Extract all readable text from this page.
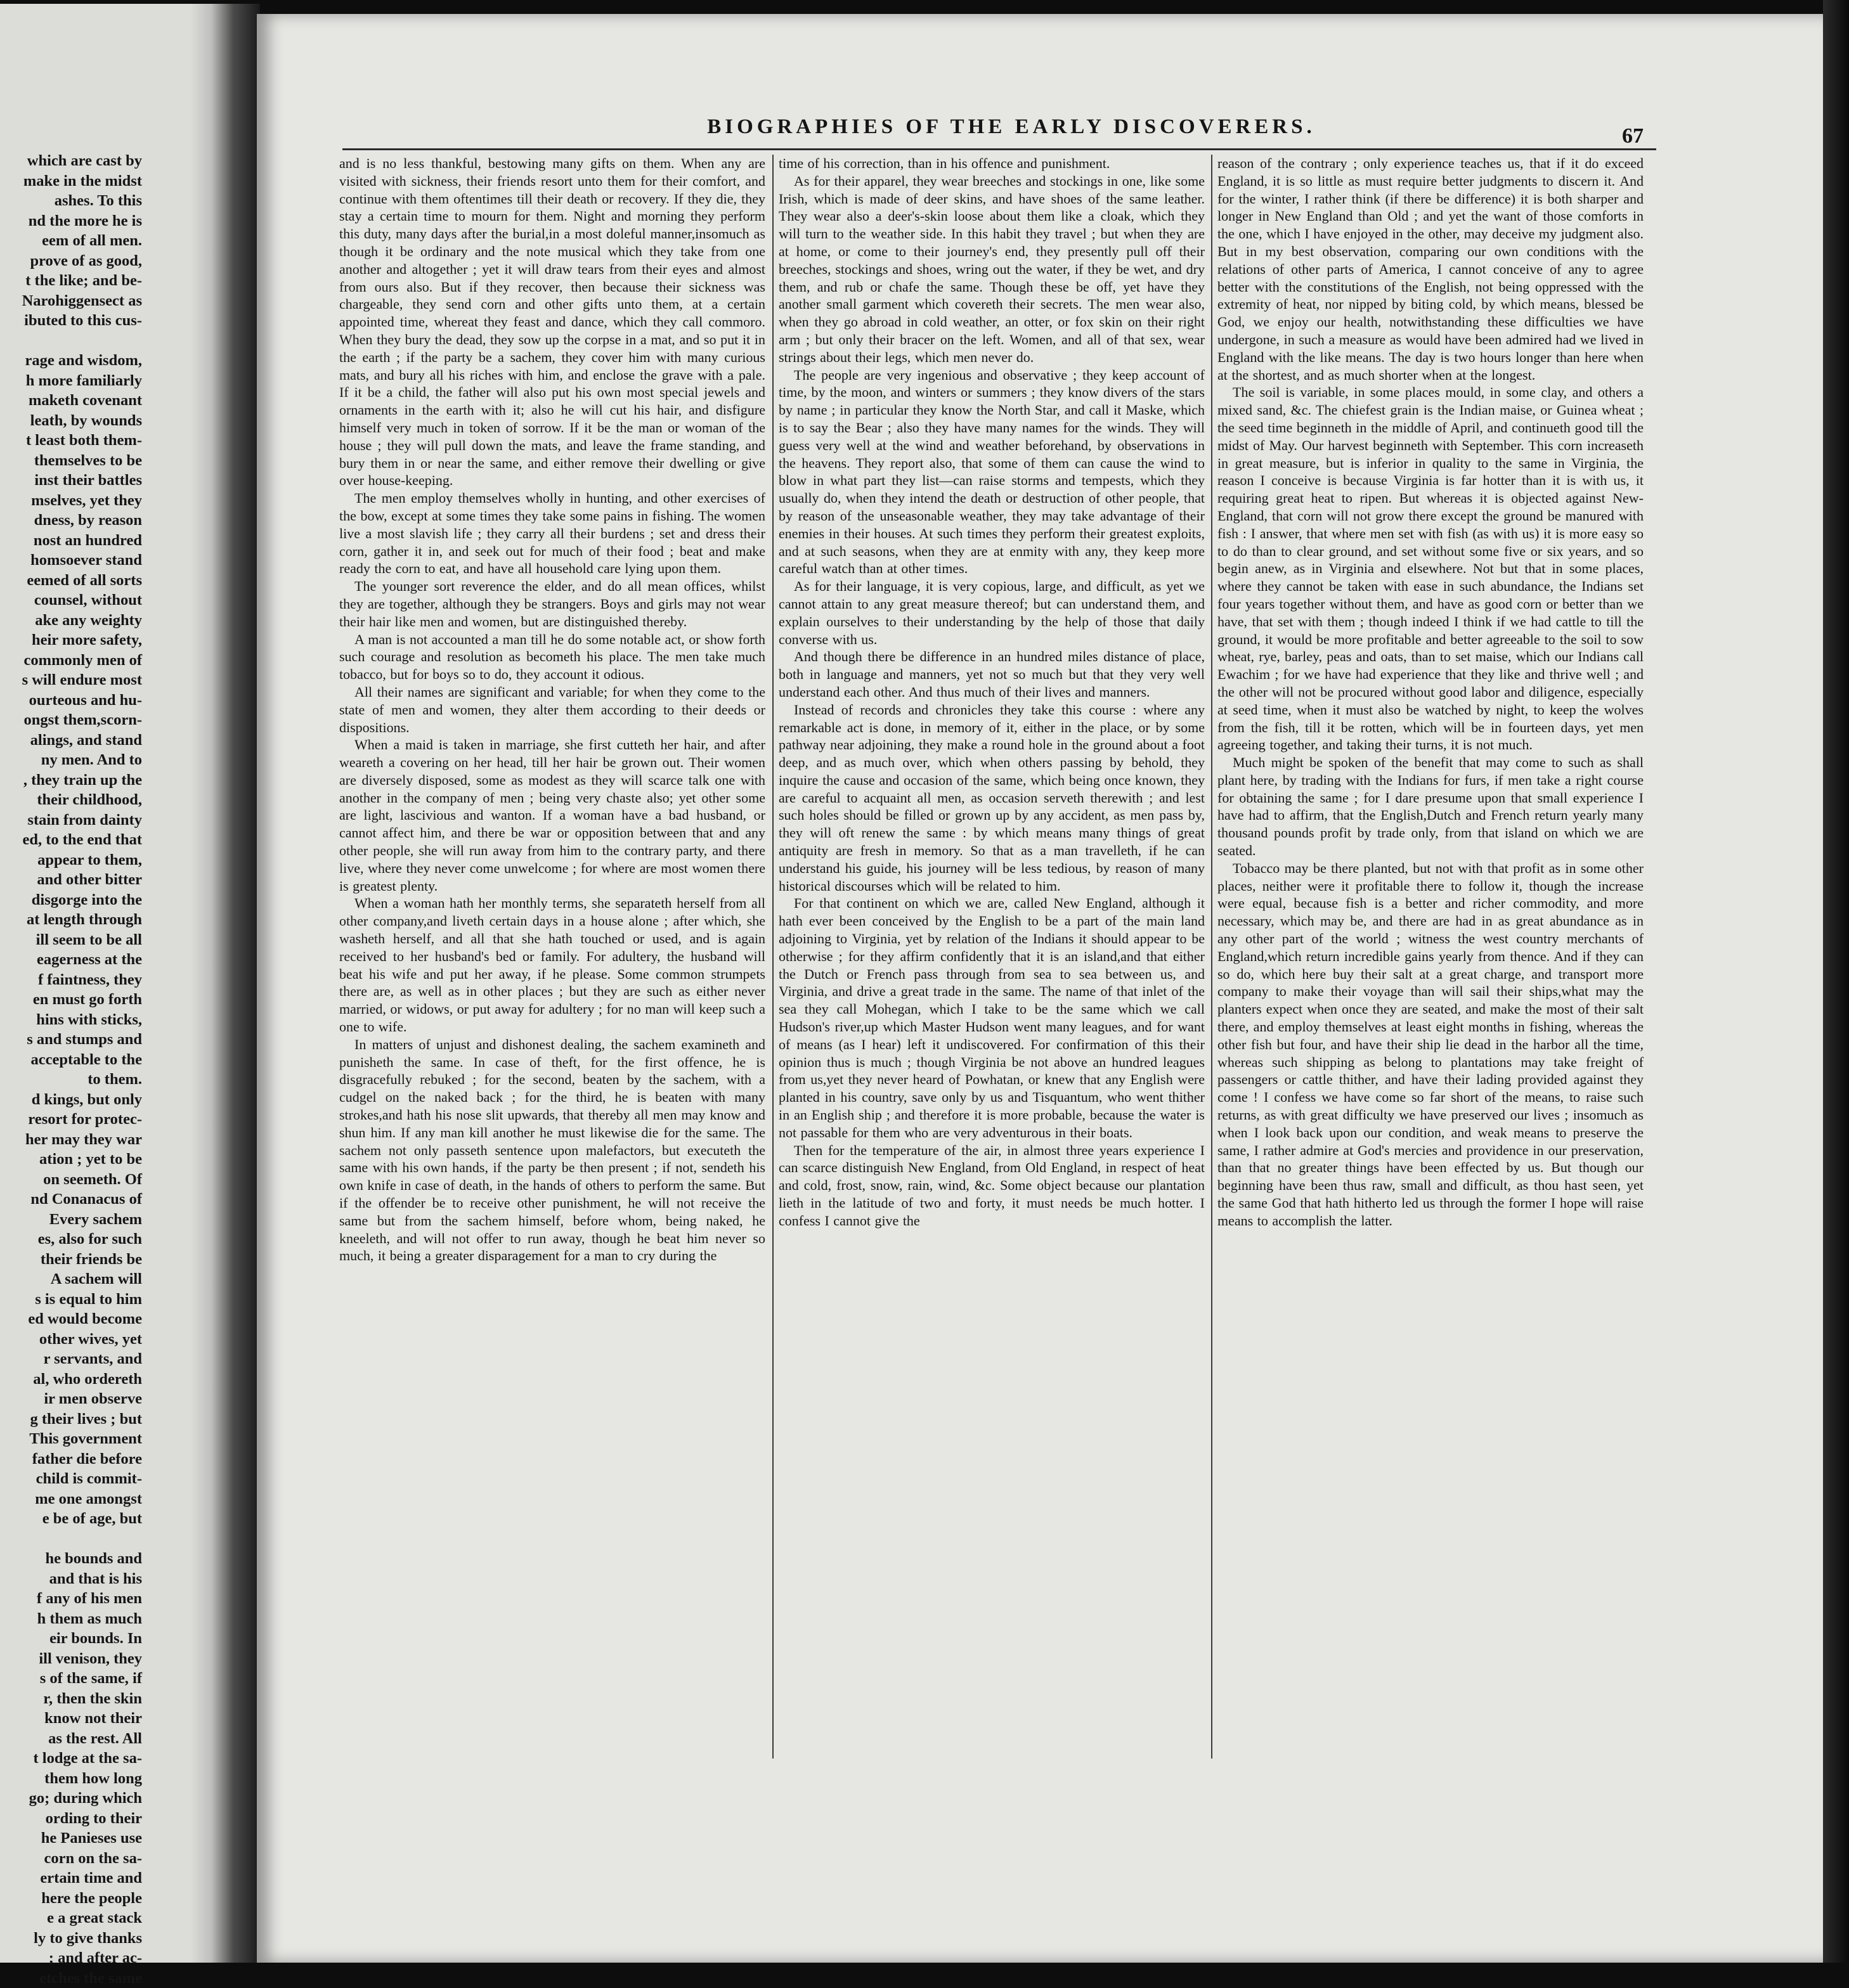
which are cast by
make in the midst
ashes. To this
nd the more he is
eem of all men.
prove of as good,
t the like; and be-
Narohiggensect as
ibuted to this cus-
rage and wisdom,
h more familiarly
maketh covenant
leath, by wounds
t least both them-
themselves to be
inst their battles
mselves, yet they
dness, by reason
nost an hundred
homsoever stand
eemed of all sorts
counsel, without
ake any weighty
heir more safety,
commonly men of
s will endure most
ourteous and hu-
ongst them,scorn-
alings, and stand
ny men. And to
, they train up the
their childhood,
stain from dainty
ed, to the end that
appear to them,
and other bitter
disgorge into the
at length through
ill seem to be all
eagerness at the
f faintness, they
en must go forth
hins with sticks,
s and stumps and
acceptable to the
to them.
d kings, but only
resort for protec-
her may they war
ation ; yet to be
on seemeth. Of
nd Conanacus of
Every sachem
es, also for such
their friends be
A sachem will
s is equal to him
ed would become
other wives, yet
r servants, and
al, who ordereth
ir men observe
g their lives ; but
This government
father die before
child is commit-
me one amongst
e be of age, but
he bounds and
and that is his
f any of his men
h them as much
eir bounds. In
ill venison, they
s of the same, if
r, then the skin
know not their
as the rest. All
t lodge at the sa-
them how long
go; during which
ording to their
he Panieses use
corn on the sa-
ertain time and
here the people
e a great stack
ly to give thanks
; and after ac-
etches the same
BIOGRAPHIES OF THE EARLY DISCOVERERS.	67

and is no less thankful, bestowing many gifts on them. When any are visited with sickness, their friends resort unto them for their comfort, and continue with them oftentimes till their death or recovery. If they die, they stay a certain time to mourn for them. Night and morning they perform this duty, many days after the burial,in a most doleful manner,insomuch as though it be ordinary and the note musical which they take from one another and altogether ; yet it will draw tears from their eyes and almost from ours also. But if they recover, then because their sickness was chargeable, they send corn and other gifts unto them, at a certain appointed time, whereat they feast and dance, which they call commoro. When they bury the dead, they sow up the corpse in a mat, and so put it in the earth ; if the party be a sachem, they cover him with many curious mats, and bury all his riches with him, and enclose the grave with a pale. If it be a child, the father will also put his own most special jewels and ornaments in the earth with it; also he will cut his hair, and disfigure himself very much in token of sorrow. If it be the man or woman of the house ; they will pull down the mats, and leave the frame standing, and bury them in or near the same, and either remove their dwelling or give over house-keeping.

The men employ themselves wholly in hunting, and other exercises of the bow, except at some times they take some pains in fishing. The women live a most slavish life ; they carry all their burdens ; set and dress their corn, gather it in, and seek out for much of their food ; beat and make ready the corn to eat, and have all household care lying upon them.

The younger sort reverence the elder, and do all mean offices, whilst they are together, although they be strangers. Boys and girls may not wear their hair like men and women, but are distinguished thereby.

A man is not accounted a man till he do some notable act, or show forth such courage and resolution as becometh his place. The men take much tobacco, but for boys so to do, they account it odious.

All their names are significant and variable; for when they come to the state of men and women, they alter them according to their deeds or dispositions.

When a maid is taken in marriage, she first cutteth her hair, and after weareth a covering on her head, till her hair be grown out. Their women are diversely disposed, some as modest as they will scarce talk one with another in the company of men ; being very chaste also; yet other some are light, lascivious and wanton. If a woman have a bad husband, or cannot affect him, and there be war or opposition between that and any other people, she will run away from him to the contrary party, and there live, where they never come unwelcome ; for where are most women there is greatest plenty.

When a woman hath her monthly terms, she separateth herself from all other company,and liveth certain days in a house alone ; after which, she washeth herself, and all that she hath touched or used, and is again received to her husband's bed or family. For adultery, the husband will beat his wife and put her away, if he please. Some common strumpets there are, as well as in other places ; but they are such as either never married, or widows, or put away for adultery ; for no man will keep such a one to wife.

In matters of unjust and dishonest dealing, the sachem examineth and punisheth the same. In case of theft, for the first offence, he is disgracefully rebuked ; for the second, beaten by the sachem, with a cudgel on the naked back ; for the third, he is beaten with many strokes,and hath his nose slit upwards, that thereby all men may know and shun him. If any man kill another he must likewise die for the same. The sachem not only passeth sentence upon malefactors, but executeth the same with his own hands, if the party be then present ; if not, sendeth his own knife in case of death, in the hands of others to perform the same. But if the offender be to receive other punishment, he will not receive the same but from the sachem himself, before whom, being naked, he kneeleth, and will not offer to run away, though he beat him never so much, it being a greater disparagement for a man to cry during the

time of his correction, than in his offence and punishment.

As for their apparel, they wear breeches and stockings in one, like some Irish, which is made of deer skins, and have shoes of the same leather. They wear also a deer's-skin loose about them like a cloak, which they will turn to the weather side. In this habit they travel ; but when they are at home, or come to their journey's end, they presently pull off their breeches, stockings and shoes, wring out the water, if they be wet, and dry them, and rub or chafe the same. Though these be off, yet have they another small garment which covereth their secrets. The men wear also, when they go abroad in cold weather, an otter, or fox skin on their right arm ; but only their bracer on the left. Women, and all of that sex, wear strings about their legs, which men never do.

The people are very ingenious and observative ; they keep account of time, by the moon, and winters or summers ; they know divers of the stars by name ; in particular they know the North Star, and call it Maske, which is to say the Bear ; also they have many names for the winds. They will guess very well at the wind and weather beforehand, by observations in the heavens. They report also, that some of them can cause the wind to blow in what part they list—can raise storms and tempests, which they usually do, when they intend the death or destruction of other people, that by reason of the unseasonable weather, they may take advantage of their enemies in their houses. At such times they perform their greatest exploits, and at such seasons, when they are at enmity with any, they keep more careful watch than at other times.

As for their language, it is very copious, large, and difficult, as yet we cannot attain to any great measure thereof; but can understand them, and explain ourselves to their understanding by the help of those that daily converse with us.

And though there be difference in an hundred miles distance of place, both in language and manners, yet not so much but that they very well understand each other. And thus much of their lives and manners.

Instead of records and chronicles they take this course : where any remarkable act is done, in memory of it, either in the place, or by some pathway near adjoining, they make a round hole in the ground about a foot deep, and as much over, which when others passing by behold, they inquire the cause and occasion of the same, which being once known, they are careful to acquaint all men, as occasion serveth therewith ; and lest such holes should be filled or grown up by any accident, as men pass by, they will oft renew the same : by which means many things of great antiquity are fresh in memory. So that as a man travelleth, if he can understand his guide, his journey will be less tedious, by reason of many historical discourses which will be related to him.

For that continent on which we are, called New England, although it hath ever been conceived by the English to be a part of the main land adjoining to Virginia, yet by relation of the Indians it should appear to be otherwise ; for they affirm confidently that it is an island,and that either the Dutch or French pass through from sea to sea between us, and Virginia, and drive a great trade in the same. The name of that inlet of the sea they call Mohegan, which I take to be the same which we call Hudson's river,up which Master Hudson went many leagues, and for want of means (as I hear) left it undiscovered. For confirmation of this their opinion thus is much ; though Virginia be not above an hundred leagues from us,yet they never heard of Powhatan, or knew that any English were planted in his country, save only by us and Tisquantum, who went thither in an English ship ; and therefore it is more probable, because the water is not passable for them who are very adventurous in their boats.

Then for the temperature of the air, in almost three years experience I can scarce distinguish New England, from Old England, in respect of heat and cold, frost, snow, rain, wind, &c. Some object because our plantation lieth in the latitude of two and forty, it must needs be much hotter. I confess I cannot give the

reason of the contrary ; only experience teaches us, that if it do exceed England, it is so little as must require better judgments to discern it. And for the winter, I rather think (if there be difference) it is both sharper and longer in New England than Old ; and yet the want of those comforts in the one, which I have enjoyed in the other, may deceive my judgment also. But in my best observation, comparing our own conditions with the relations of other parts of America, I cannot conceive of any to agree better with the constitutions of the English, not being oppressed with the extremity of heat, nor nipped by biting cold, by which means, blessed be God, we enjoy our health, notwithstanding these difficulties we have undergone, in such a measure as would have been admired had we lived in England with the like means. The day is two hours longer than here when at the shortest, and as much shorter when at the longest.

The soil is variable, in some places mould, in some clay, and others a mixed sand, &c. The chiefest grain is the Indian maise, or Guinea wheat ; the seed time beginneth in the middle of April, and continueth good till the midst of May. Our harvest beginneth with September. This corn increaseth in great measure, but is inferior in quality to the same in Virginia, the reason I conceive is because Virginia is far hotter than it is with us, it requiring great heat to ripen. But whereas it is objected against New-England, that corn will not grow there except the ground be manured with fish : I answer, that where men set with fish (as with us) it is more easy so to do than to clear ground, and set without some five or six years, and so begin anew, as in Virginia and elsewhere. Not but that in some places, where they cannot be taken with ease in such abundance, the Indians set four years together without them, and have as good corn or better than we have, that set with them ; though indeed I think if we had cattle to till the ground, it would be more profitable and better agreeable to the soil to sow wheat, rye, barley, peas and oats, than to set maise, which our Indians call Ewachim ; for we have had experience that they like and thrive well ; and the other will not be procured without good labor and diligence, especially at seed time, when it must also be watched by night, to keep the wolves from the fish, till it be rotten, which will be in fourteen days, yet men agreeing together, and taking their turns, it is not much.

Much might be spoken of the benefit that may come to such as shall plant here, by trading with the Indians for furs, if men take a right course for obtaining the same ; for I dare presume upon that small experience I have had to affirm, that the English,Dutch and French return yearly many thousand pounds profit by trade only, from that island on which we are seated.

Tobacco may be there planted, but not with that profit as in some other places, neither were it profitable there to follow it, though the increase were equal, because fish is a better and richer commodity, and more necessary, which may be, and there are had in as great abundance as in any other part of the world ; witness the west country merchants of England,which return incredible gains yearly from thence. And if they can so do, which here buy their salt at a great charge, and transport more company to make their voyage than will sail their ships,what may the planters expect when once they are seated, and make the most of their salt there, and employ themselves at least eight months in fishing, whereas the other fish but four, and have their ship lie dead in the harbor all the time, whereas such shipping as belong to plantations may take freight of passengers or cattle thither, and have their lading provided against they come ! I confess we have come so far short of the means, to raise such returns, as with great difficulty we have preserved our lives ; insomuch as when I look back upon our condition, and weak means to preserve the same, I rather admire at God's mercies and providence in our preservation, than that no greater things have been effected by us. But though our beginning have been thus raw, small and difficult, as thou hast seen, yet the same God that hath hitherto led us through the former I hope will raise means to accomplish the latter.
